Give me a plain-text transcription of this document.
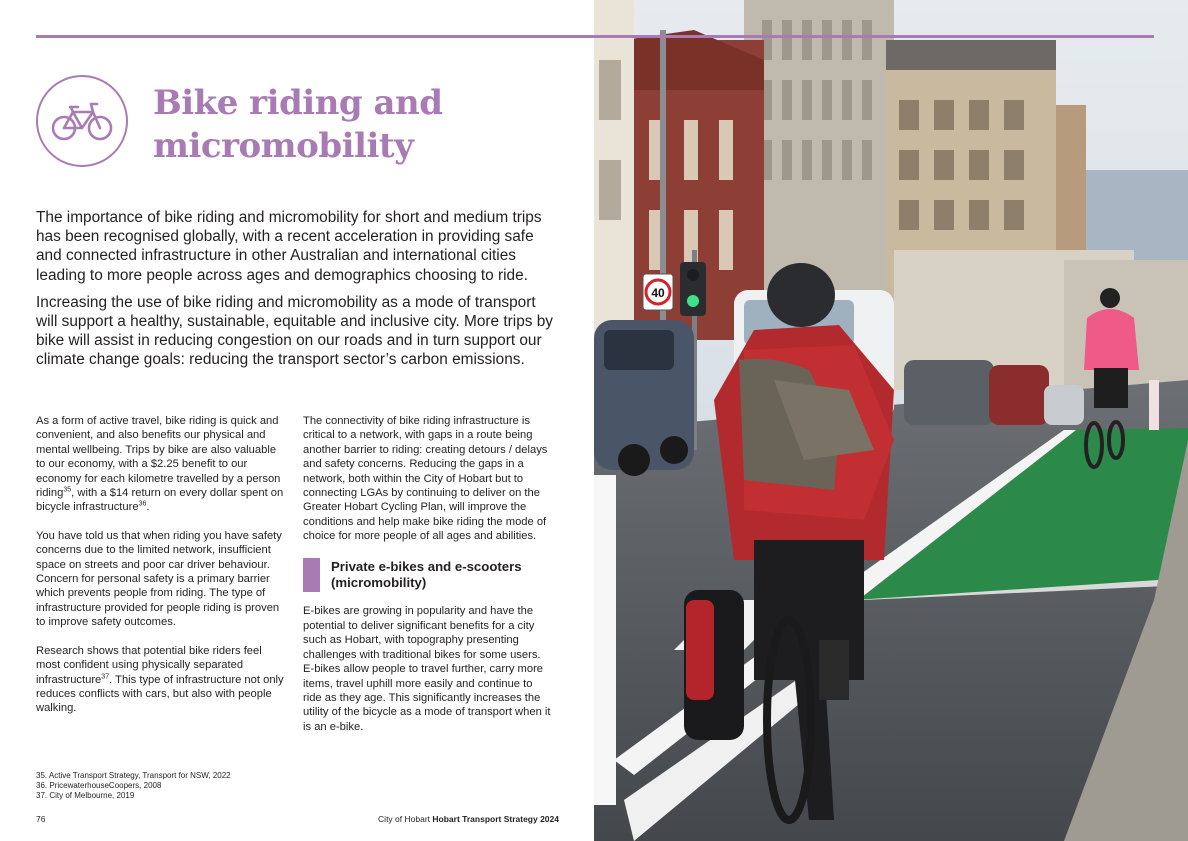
Bike riding and
micromobility

The importance of bike riding and micromobility for short and medium trips has been recognised globally, with a recent acceleration in providing safe and connected infrastructure in other Australian and international cities leading to more people across ages and demographics choosing to ride.

Increasing the use of bike riding and micromobility as a mode of transport will support a healthy, sustainable, equitable and inclusive city. More trips by bike will assist in reducing congestion on our roads and in turn support our climate change goals: reducing the transport sector’s carbon emissions.

As a form of active travel, bike riding is quick and convenient, and also benefits our physical and mental wellbeing. Trips by bike are also valuable to our economy, with a $2.25 benefit to our economy for each kilometre travelled by a person riding$^{35}$, with a $14 return on every dollar spent on bicycle infrastructure$^{36}$.

You have told us that when riding you have safety concerns due to the limited network, insufficient space on streets and poor car driver behaviour. Concern for personal safety is a primary barrier which prevents people from riding. The type of infrastructure provided for people riding is proven to improve safety outcomes.

Research shows that potential bike riders feel most confident using physically separated infrastructure$^{37}$. This type of infrastructure not only reduces conflicts with cars, but also with people walking.

The connectivity of bike riding infrastructure is critical to a network, with gaps in a route being another barrier to riding: creating detours / delays and safety concerns. Reducing the gaps in a network, both within the City of Hobart but to connecting LGAs by continuing to deliver on the Greater Hobart Cycling Plan, will improve the conditions and help make bike riding the mode of choice for more people of all ages and abilities.

Private e-bikes and e-scooters
(micromobility)

E-bikes are growing in popularity and have the potential to deliver significant benefits for a city such as Hobart, with topography presenting challenges with traditional bikes for some users. E-bikes allow people to travel further, carry more items, travel uphill more easily and continue to ride as they age. This significantly increases the utility of the bicycle as a mode of transport when it is an e-bike.

35. Active Transport Strategy, Transport for NSW, 2022
36. PricewaterhouseCoopers, 2008
37. City of Melbourne, 2019
76	City of Hobart Hobart Transport Strategy 2024
40
